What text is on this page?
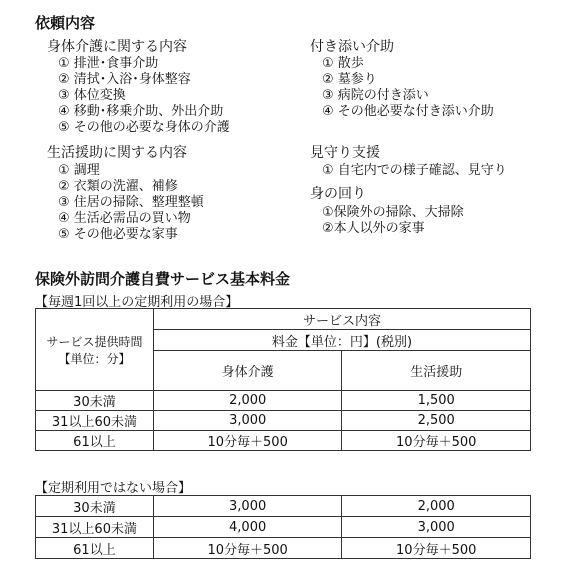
依頼内容
身体介護に関する内容
① 排泄･食事介助
② 清拭･入浴･身体整容
③ 体位変換
④ 移動･移乗介助、外出介助
⑤ その他の必要な身体の介護
生活援助に関する内容
① 調理
② 衣類の洗濯、補修
③ 住居の掃除、整理整頓
④ 生活必需品の買い物
⑤ その他必要な家事
付き添い介助
① 散歩
② 墓参り
③ 病院の付き添い
④ その他必要な付き添い介助
見守り支援
① 自宅内での様子確認、見守り
身の回り
①保険外の掃除、大掃除
②本人以外の家事
保険外訪問介護自費サービス基本料金
【毎週1回以上の定期利用の場合】
サービス提供時間
【単位：分】	サービス内容	
	料金【単位：円】(税別)	
	身体介護	生活援助
30未満	2,000	1,500
31以上60未満	3,000	2,500
61以上	10分毎＋500	10分毎＋500
【定期利用ではない場合】
30未満	3,000	2,000
31以上60未満	4,000	3,000
61以上	10分毎＋500	10分毎＋500
